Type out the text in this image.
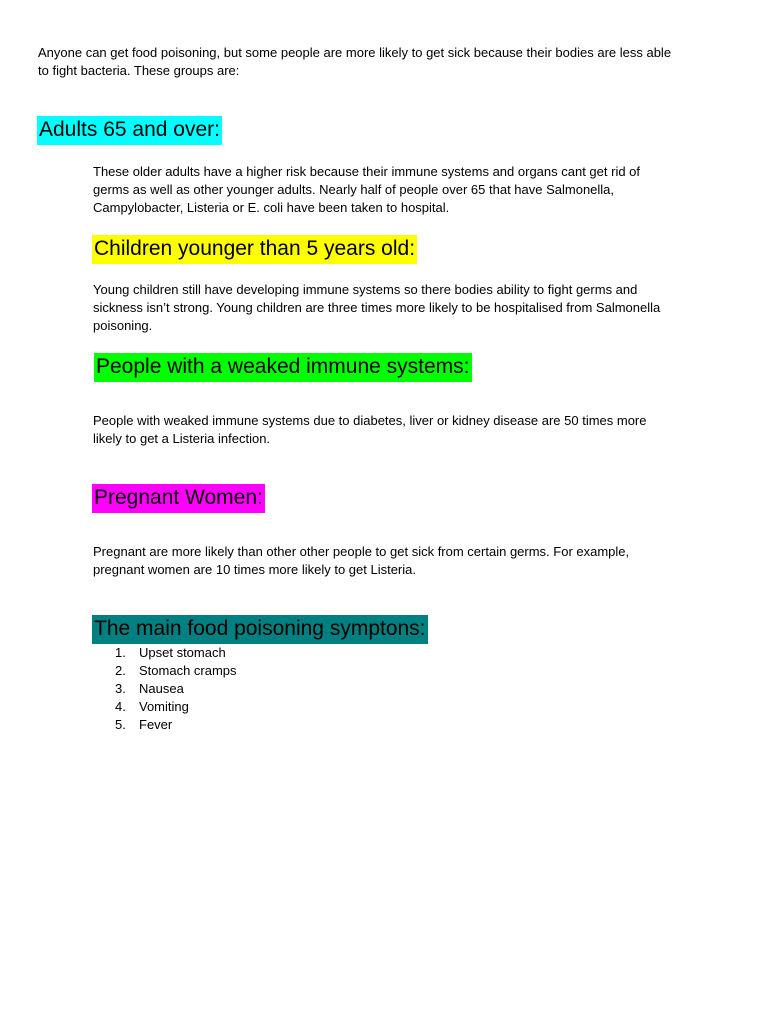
Anyone can get food poisoning, but some people are more likely to get sick because their bodies are less able to fight bacteria. These groups are:

Adults 65 and over:

These older adults have a higher risk because their immune systems and organs cant get rid of germs as well as other younger adults. Nearly half of people over 65 that have Salmonella, Campylobacter, Listeria or E. coli have been taken to hospital.

Children younger than 5 years old:

Young children still have developing immune systems so there bodies ability to fight germs and sickness isn’t strong. Young children are three times more likely to be hospitalised from Salmonella poisoning.

People with a weaked immune systems:

People with weaked immune systems due to diabetes, liver or kidney disease are 50 times more likely to get a Listeria infection.

Pregnant Women:

Pregnant are more likely than other other people to get sick from certain germs. For example, pregnant women are 10 times more likely to get Listeria.

The main food poisoning symptons:
1.	Upset stomach
2.	Stomach cramps
3.	Nausea
4.	Vomiting
5.	Fever
